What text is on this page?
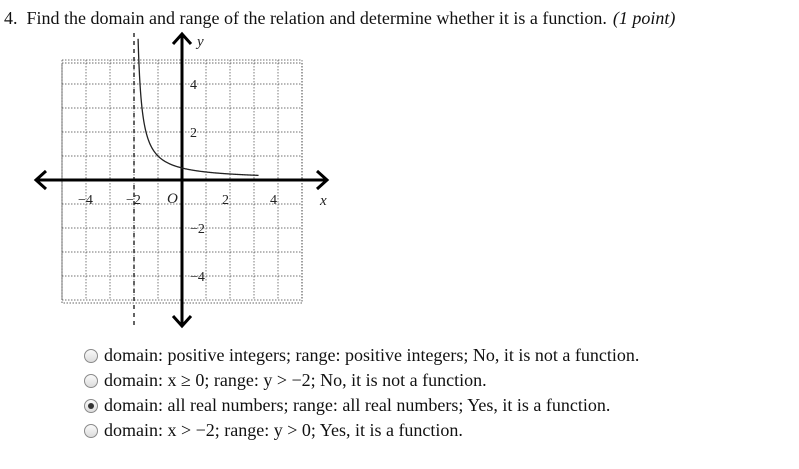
4. Find the domain and range of the relation and determine whether it is a function. (1 point)
−4 −2	2	4
4
2
−2
−4
y
x
O
domain: positive integers; range: positive integers; No, it is not a function.
domain: x ≥ 0; range: y > −2; No, it is not a function.
domain: all real numbers; range: all real numbers; Yes, it is a function.
domain: x > −2; range: y > 0; Yes, it is a function.
